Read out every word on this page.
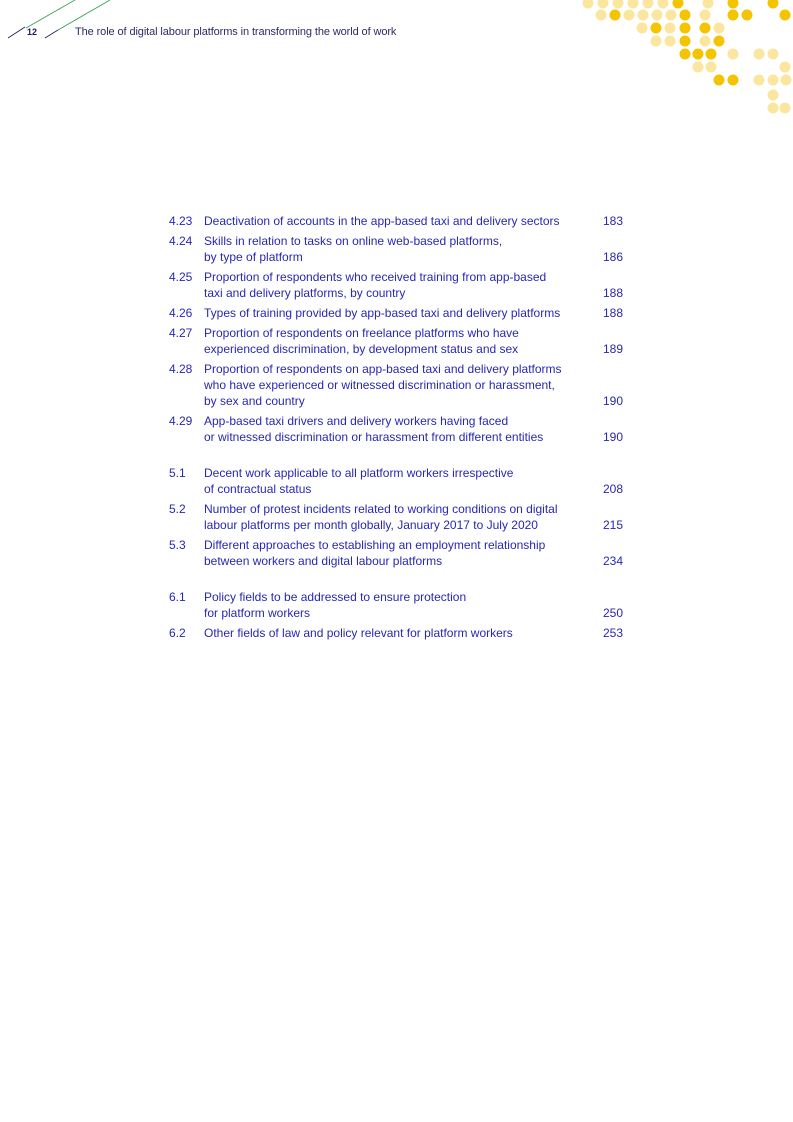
12	The role of digital labour platforms in transforming the world of work
4.23 Deactivation of accounts in the app-based taxi and delivery sectors	183
4.24 Skills in relation to tasks on online web-based platforms,
by type of platform	186
4.25 Proportion of respondents who received training from app-based
taxi and delivery platforms, by country	188
4.26 Types of training provided by app-based taxi and delivery platforms	188
4.27 Proportion of respondents on freelance platforms who have
experienced discrimination, by development status and sex	189
4.28 Proportion of respondents on app-based taxi and delivery platforms
who have experienced or witnessed discrimination or harassment,
by sex and country	190
4.29 App-based taxi drivers and delivery workers having faced
or witnessed discrimination or harassment from different entities	190
5.1	Decent work applicable to all platform workers irrespective
of contractual status	208
5.2	Number of protest incidents related to working conditions on digital
labour platforms per month globally, January 2017 to July 2020	215
5.3	Different approaches to establishing an employment relationship
between workers and digital labour platforms	234
6.1	Policy fields to be addressed to ensure protection
for platform workers	250
6.2	Other fields of law and policy relevant for platform workers	253
